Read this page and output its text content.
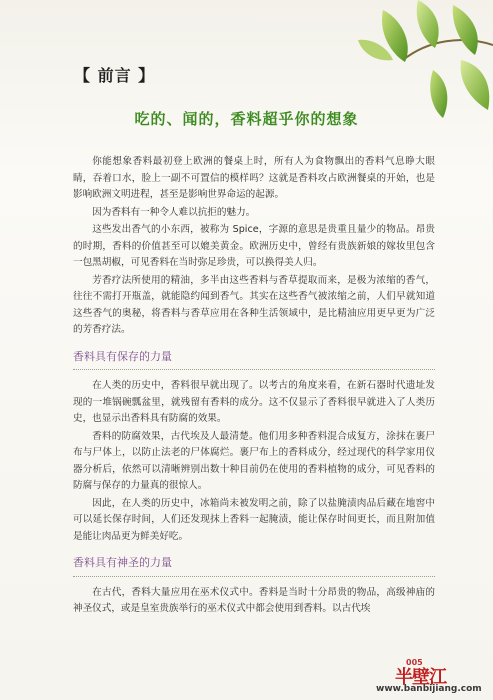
【 前言 】
吃的、闻的，香料超乎你的想象

你能想象香料最初登上欧洲的餐桌上时，所有人为食物飘出的香料气息睁大眼睛，吞着口水，脸上一副不可置信的模样吗？这就是香料攻占欧洲餐桌的开始，也是影响欧洲文明进程，甚至是影响世界命运的起源。

因为香料有一种令人难以抗拒的魅力。

这些发出香气的小东西，被称为 Spice，字源的意思是贵重且量少的物品。昂贵的时期，香料的价值甚至可以媲美黄金。欧洲历史中，曾经有贵族新娘的嫁妆里包含一包黑胡椒，可见香料在当时弥足珍贵，可以换得美人归。

芳香疗法所使用的精油，多半由这些香料与香草提取而来，是极为浓缩的香气，往往不需打开瓶盖，就能隐约闻到香气。其实在这些香气被浓缩之前，人们早就知道这些香气的奥秘，将香料与香草应用在各种生活领域中，是比精油应用更早更为广泛的芳香疗法。

香料具有保存的力量

在人类的历史中，香料很早就出现了。以考古的角度来看，在新石器时代遗址发现的一堆锅碗瓢盆里，就残留有香料的成分。这不仅显示了香料很早就进入了人类历史，也显示出香料具有防腐的效果。

香料的防腐效果，古代埃及人最清楚。他们用多种香料混合成复方，涂抹在裹尸布与尸体上，以防止法老的尸体腐烂。裹尸布上的香料成分，经过现代的科学家用仪器分析后，依然可以清晰辨别出数十种目前仍在使用的香料植物的成分，可见香料的防腐与保存的力量真的很惊人。

因此，在人类的历史中，冰箱尚未被发明之前，除了以盐腌渍肉品后藏在地窖中可以延长保存时间，人们还发现抹上香料一起腌渍，能让保存时间更长，而且附加值是能让肉品更为鲜美好吃。

香料具有神圣的力量

在古代，香料大量应用在巫术仪式中。香料是当时十分昂贵的物品，高级神庙的神圣仪式，或是皇室贵族举行的巫术仪式中都会使用到香料。以古代埃

005
半壁江
www.banbijiang.com
